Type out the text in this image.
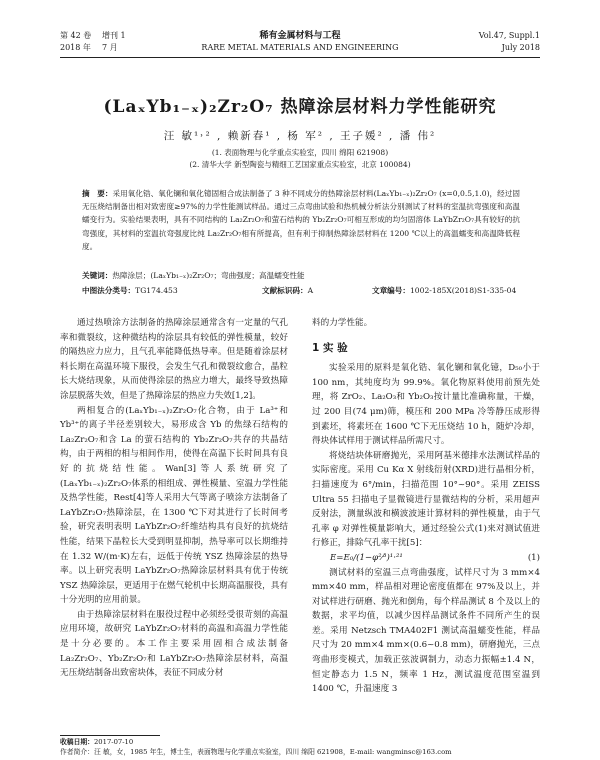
第 42 卷 增刊 1
2018 年 7 月
稀有金属材料与工程
RARE METAL MATERIALS AND ENGINEERING
Vol.47, Suppl.1
July 2018
(LaₓYb₁₋ₓ)₂Zr₂O₇ 热障涂层材料力学性能研究
汪 敏¹˒² , 赖新春¹ , 杨 军² , 王子媛² , 潘 伟²
(1. 表面物理与化学重点实验室，四川 绵阳 621908)
(2. 清华大学 新型陶瓷与精细工艺国家重点实验室，北京 100084)
摘　要：采用氧化锆、氧化镧和氧化镱固相合成法制备了 3 种不同成分的热障涂层材料(LaₓYb₁₋ₓ)₂Zr₂O₇ (x=0,0.5,1.0)，经过固无压烧结制备出相对致密度≥97%的力学性能测试样品。通过三点弯曲试验和热机械分析法分别测试了材料的室温抗弯强度和高温蠕变行为。实验结果表明，具有不同结构的 La₂Zr₂O₇和萤石结构的 Yb₂Zr₂O₇可相互形成的均匀固溶体 LaYbZr₂O₇具有较好的抗弯强度，其材料的室温抗弯强度比纯 La₂Zr₂O₇相有所提高，但有利于抑制热障涂层材料在 1200 ℃以上的高温蠕变和高温降低程度。
关键词：热障涂层；(LaₓYb₁₋ₓ)₂Zr₂O₇；弯曲强度；高温蠕变性能
中图法分类号：TG174.453	文献标识码：A	文章编号：1002-185X(2018)S1-335-04

通过热喷涂方法制备的热障涂层通常含有一定量的气孔率和微裂纹，这种微结构的涂层具有较低的弹性模量，较好的隔热应力应力，且气孔率能降低热导率。但是随着涂层材料长期在高温环境下服役，会发生气孔和微裂纹愈合，晶粒长大烧结现象，从而使得涂层的热应力增大，最终导致热障涂层脱落失效，但是了热障涂层的热应力失效[1,2]。

两相复合的(LaₓYb₁₋ₓ)₂Zr₂O₇化合物，由于 La³⁺和 Yb³⁺的离子半径差别较大，易形成含 Yb 的焦绿石结构的 La₂Zr₂O₇和含 La 的萤石结构的 Yb₂Zr₂O₇共存的共晶结构，由于两相的相与相间作用，使得在高温下长时间具有良好的抗烧结性能。Wan[3]等人系统研究了(LaₓYb₁₋ₓ)₂Zr₂O₇体系的相组成、弹性模量、室温力学性能及热学性能，Rest[4]等人采用大气等离子喷涂方法制备了 LaYbZr₂O₇热障涂层，在 1300 ℃下对其进行了长时间考验，研究表明表明 LaYbZr₂O₇纤维结构具有良好的抗烧结性能，结果下晶粒长大受到明显抑制，热导率可以长期维持在 1.32 W/(m·K)左右，远低于传统 YSZ 热障涂层的热导率。以上研究表明 LaYbZr₂O₇热障涂层材料具有优于传统 YSZ 热障涂层，更适用于在燃气轮机中长期高温服役，具有十分光明的应用前景。

由于热障涂层材料在服役过程中必须经受很苛刻的高温应用环境，故研究 LaYbZr₂O₇材料的高温和高温力学性能是十分必要的。本工作主要采用固相合成法制备 La₂Zr₂O₇、Yb₂Zr₂O₇和 LaYbZr₂O₇热障涂层材料，高温无压烧结制备出致密块体，表征不同成分材

料的力学性能。

1 实 验

实验采用的原料是氧化锆、氧化镧和氧化镱，D₅₀小于 100 nm，其纯度均为 99.9%。氧化物原料使用前预先处理，将 ZrO₂、La₂O₃和 Yb₂O₃按计量比准确称量，干燥，过 200 目(74 μm)筛，模压和 200 MPa 冷等静压成形得到素坯，将素坯在 1600 ℃下无压烧结 10 h，随炉冷却，得块体试样用于测试样品所需尺寸。

将烧结块体研磨抛光，采用阿基米德排水法测试样品的实际密度。采用 Cu Kα X 射线衍射(XRD)进行晶相分析，扫描速度为 6°/min，扫描范围 10°~90°。采用 ZEISS Ultra 55 扫描电子显微镜进行显微结构的分析，采用超声反射法，测量纵波和横波波速计算材料的弹性模量，由于气孔率 φ 对弹性模量影响大，通过经验公式(1)来对测试值进行修正，排除气孔率干扰[5]：

E=E₀/(1−φ²⁄³)¹·²¹	(1)

测试材料的室温三点弯曲强度，试样尺寸为 3 mm×4 mm×40 mm，样品相对理论密度值都在 97%及以上，并对试样进行研磨、抛光和倒角，每个样品测试 8 个及以上的数据，求平均值，以减少因样品测试条件不同所产生的误差。采用 Netzsch TMA402F1 测试高温蠕变性能，样品尺寸为 20 mm×4 mm×(0.6~0.8 mm)，研磨抛光，三点弯曲形变模式，加载正弦波调制力，动态力振幅±1.4 N，恒定静态力 1.5 N，频率 1 Hz，测试温度范围室温到 1400 ℃，升温速度 3

收稿日期：2017-07-10
作者简介：汪 敏，女，1985 年生，博士生，表面物理与化学重点实验室，四川 绵阳 621908，E-mail: wangminsc@163.com
